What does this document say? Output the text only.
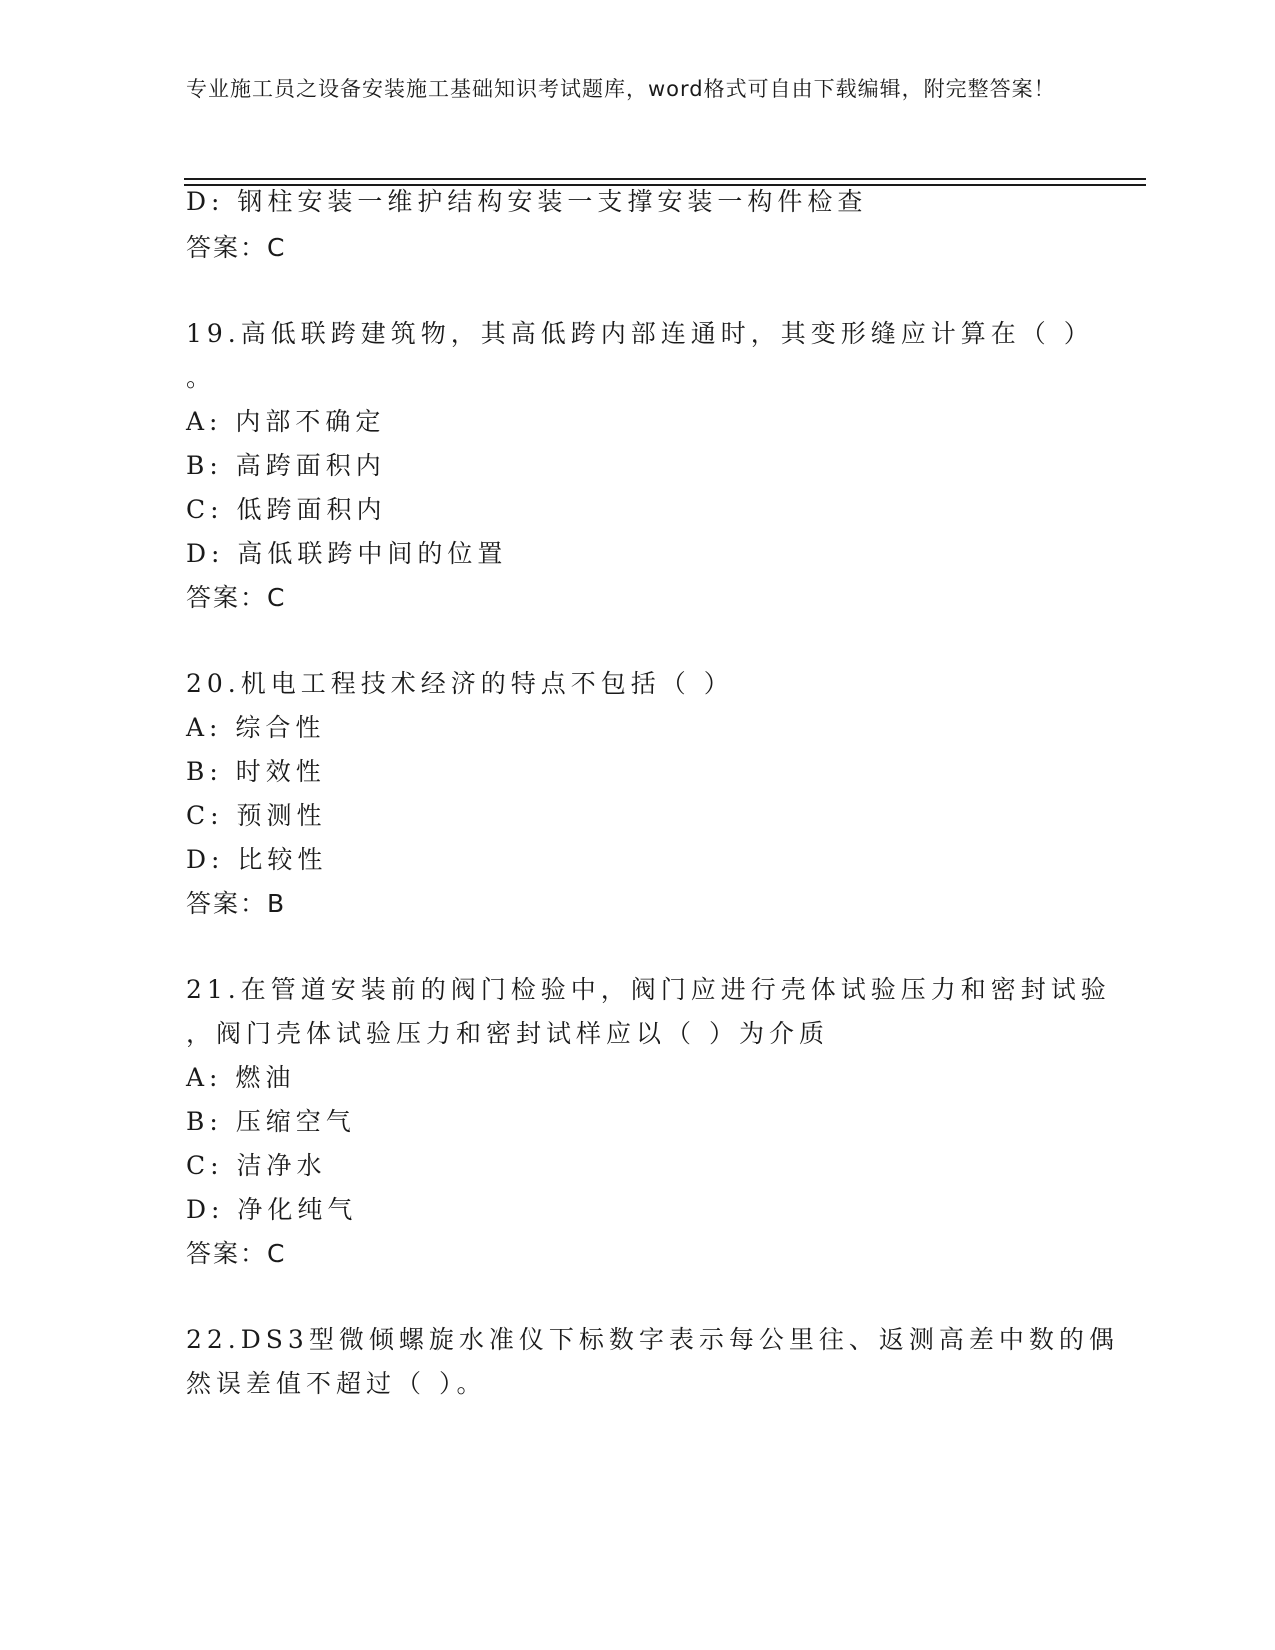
专业施工员之设备安装施工基础知识考试题库，word格式可自由下载编辑，附完整答案！
D: 钢柱安装一维护结构安装一支撑安装一构件检查
答案：C
19.高低联跨建筑物，其高低跨内部连通时，其变形缝应计算在（ ）
。
A: 内部不确定
B: 高跨面积内
C: 低跨面积内
D: 高低联跨中间的位置
答案：C
20.机电工程技术经济的特点不包括（ ）
A: 综合性
B: 时效性
C: 预测性
D: 比较性
答案：B
21.在管道安装前的阀门检验中，阀门应进行壳体试验压力和密封试验
，阀门壳体试验压力和密封试样应以（ ）为介质
A: 燃油
B: 压缩空气
C: 洁净水
D: 净化纯气
答案：C
22.DS3型微倾螺旋水准仪下标数字表示每公里往、返测高差中数的偶
然误差值不超过（ ）。
